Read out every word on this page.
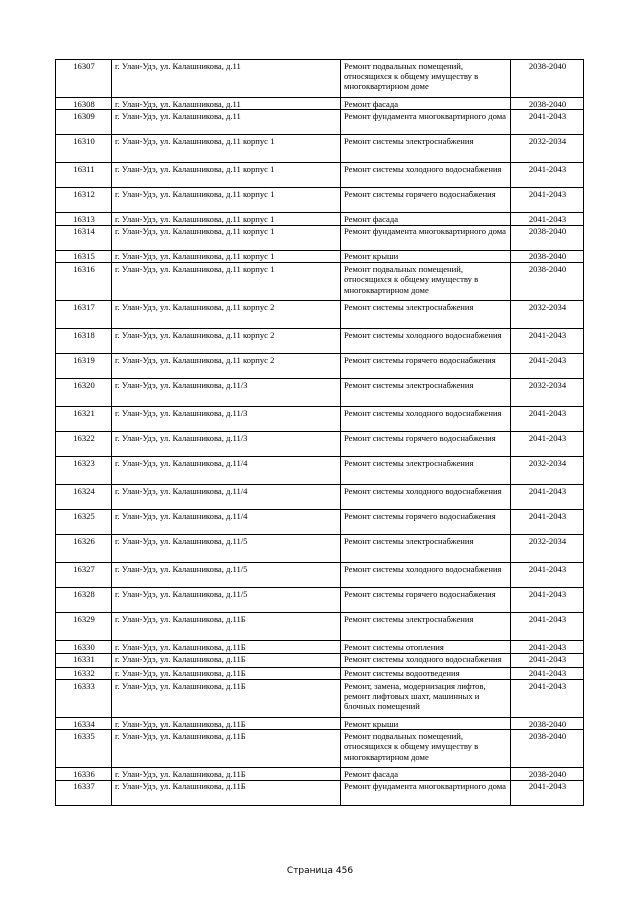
16307	г. Улан-Удэ, ул. Калашникова, д.11	Ремонт подвальных помещений, относящихся к общему имуществу в многоквартирном доме	2038-2040
16308	г. Улан-Удэ, ул. Калашникова, д.11	Ремонт фасада	2038-2040
16309	г. Улан-Удэ, ул. Калашникова, д.11	Ремонт фундамента многоквартирного дома	2041-2043
16310	г. Улан-Удэ, ул. Калашникова, д.11 корпус 1	Ремонт системы электроснабжения	2032-2034
16311	г. Улан-Удэ, ул. Калашникова, д.11 корпус 1	Ремонт системы холодного водоснабжения	2041-2043
16312	г. Улан-Удэ, ул. Калашникова, д.11 корпус 1	Ремонт системы горячего водоснабжения	2041-2043
16313	г. Улан-Удэ, ул. Калашникова, д.11 корпус 1	Ремонт фасада	2041-2043
16314	г. Улан-Удэ, ул. Калашникова, д.11 корпус 1	Ремонт фундамента многоквартирного дома	2038-2040
16315	г. Улан-Удэ, ул. Калашникова, д.11 корпус 1	Ремонт крыши	2038-2040
16316	г. Улан-Удэ, ул. Калашникова, д.11 корпус 1	Ремонт подвальных помещений, относящихся к общему имуществу в многоквартирном доме	2038-2040
16317	г. Улан-Удэ, ул. Калашникова, д.11 корпус 2	Ремонт системы электроснабжения	2032-2034
16318	г. Улан-Удэ, ул. Калашникова, д.11 корпус 2	Ремонт системы холодного водоснабжения	2041-2043
16319	г. Улан-Удэ, ул. Калашникова, д.11 корпус 2	Ремонт системы горячего водоснабжения	2041-2043
16320	г. Улан-Удэ, ул. Калашникова, д.11/3	Ремонт системы электроснабжения	2032-2034
16321	г. Улан-Удэ, ул. Калашникова, д.11/3	Ремонт системы холодного водоснабжения	2041-2043
16322	г. Улан-Удэ, ул. Калашникова, д.11/3	Ремонт системы горячего водоснабжения	2041-2043
16323	г. Улан-Удэ, ул. Калашникова, д.11/4	Ремонт системы электроснабжения	2032-2034
16324	г. Улан-Удэ, ул. Калашникова, д.11/4	Ремонт системы холодного водоснабжения	2041-2043
16325	г. Улан-Удэ, ул. Калашникова, д.11/4	Ремонт системы горячего водоснабжения	2041-2043
16326	г. Улан-Удэ, ул. Калашникова, д.11/5	Ремонт системы электроснабжения	2032-2034
16327	г. Улан-Удэ, ул. Калашникова, д.11/5	Ремонт системы холодного водоснабжения	2041-2043
16328	г. Улан-Удэ, ул. Калашникова, д.11/5	Ремонт системы горячего водоснабжения	2041-2043
16329	г. Улан-Удэ, ул. Калашникова, д.11Б	Ремонт системы электроснабжения	2041-2043
16330	г. Улан-Удэ, ул. Калашникова, д.11Б	Ремонт системы отопления	2041-2043
16331	г. Улан-Удэ, ул. Калашникова, д.11Б	Ремонт системы холодного водоснабжения	2041-2043
16332	г. Улан-Удэ, ул. Калашникова, д.11Б	Ремонт системы водоотведения	2041-2043
16333	г. Улан-Удэ, ул. Калашникова, д.11Б	Ремонт, замена, модернизация лифтов, ремонт лифтовых шахт, машинных и блочных помещений	2041-2043
16334	г. Улан-Удэ, ул. Калашникова, д.11Б	Ремонт крыши	2038-2040
16335	г. Улан-Удэ, ул. Калашникова, д.11Б	Ремонт подвальных помещений, относящихся к общему имуществу в многоквартирном доме	2038-2040
16336	г. Улан-Удэ, ул. Калашникова, д.11Б	Ремонт фасада	2038-2040
16337	г. Улан-Удэ, ул. Калашникова, д.11Б	Ремонт фундамента многоквартирного дома	2041-2043
Страница 456
